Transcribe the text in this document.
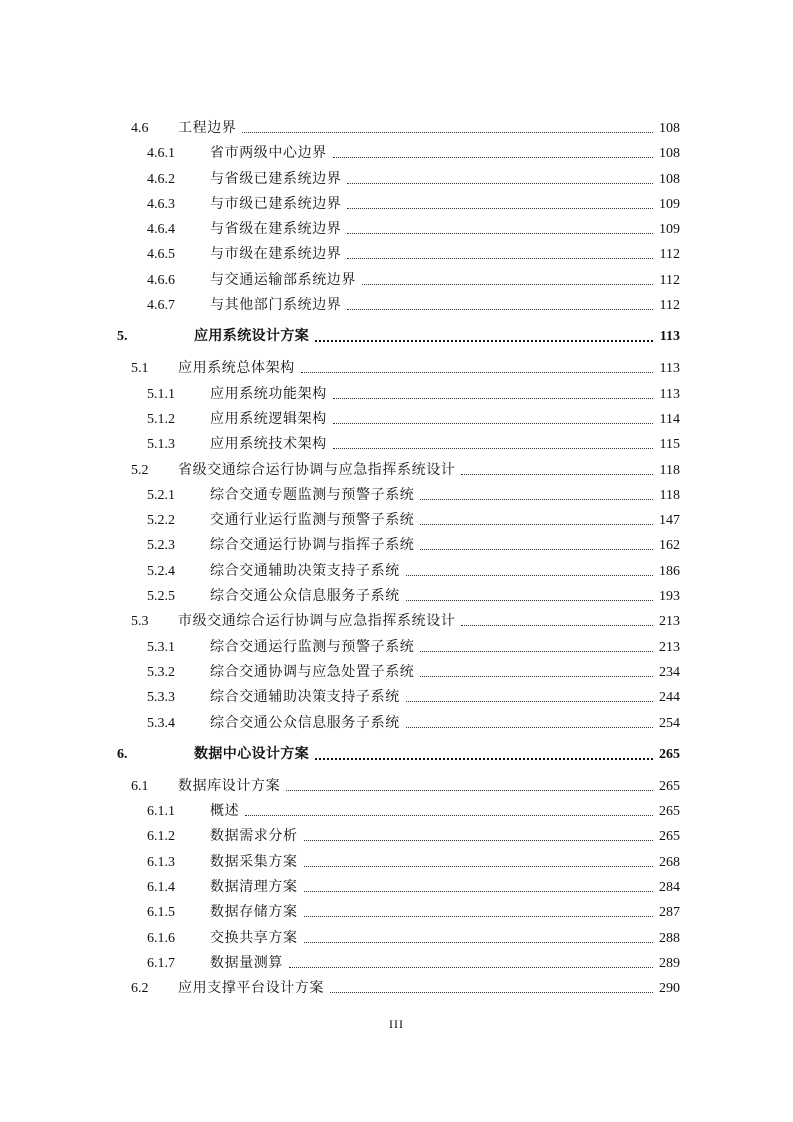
4.6 工程边界	108
4.6.1	省市两级中心边界	108
4.6.2	与省级已建系统边界	108
4.6.3	与市级已建系统边界	109
4.6.4	与省级在建系统边界	109
4.6.5	与市级在建系统边界	112
4.6.6	与交通运输部系统边界	112
4.6.7	与其他部门系统边界	112
5.	应用系统设计方案	113
5.1 应用系统总体架构	113
5.1.1	应用系统功能架构	113
5.1.2	应用系统逻辑架构	114
5.1.3	应用系统技术架构	115
5.2 省级交通综合运行协调与应急指挥系统设计	118
5.2.1	综合交通专题监测与预警子系统	118
5.2.2	交通行业运行监测与预警子系统	147
5.2.3	综合交通运行协调与指挥子系统	162
5.2.4	综合交通辅助决策支持子系统	186
5.2.5	综合交通公众信息服务子系统	193
5.3 市级交通综合运行协调与应急指挥系统设计	213
5.3.1	综合交通运行监测与预警子系统	213
5.3.2	综合交通协调与应急处置子系统	234
5.3.3	综合交通辅助决策支持子系统	244
5.3.4	综合交通公众信息服务子系统	254
6.	数据中心设计方案	265
6.1 数据库设计方案	265
6.1.1	概述	265
6.1.2	数据需求分析	265
6.1.3	数据采集方案	268
6.1.4	数据清理方案	284
6.1.5	数据存储方案	287
6.1.6	交换共享方案	288
6.1.7	数据量测算	289
6.2 应用支撑平台设计方案	290
III
